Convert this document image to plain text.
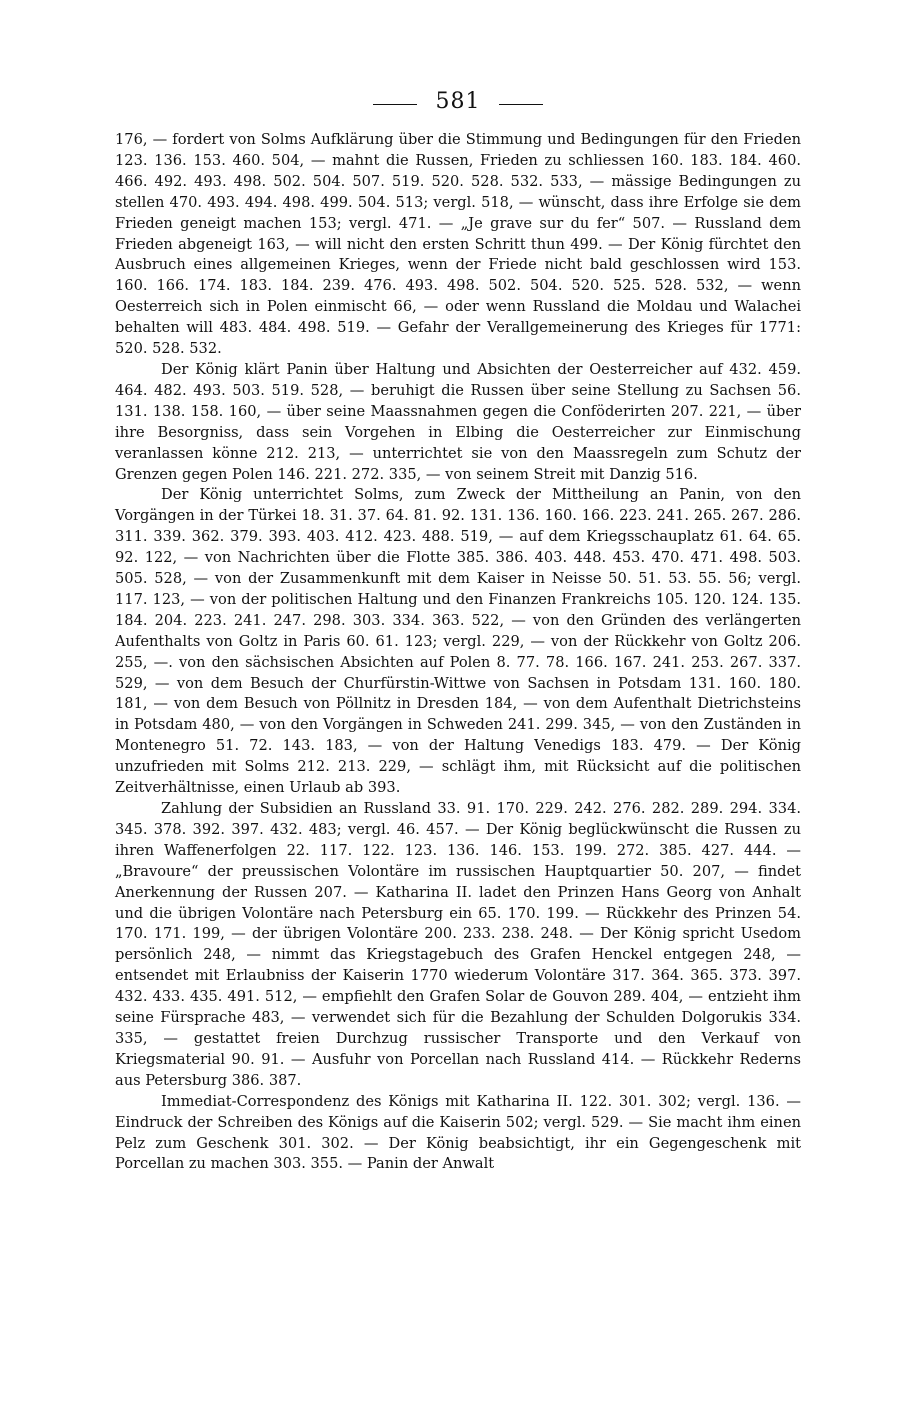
581

176, — fordert von Solms Aufklärung über die Stimmung und Bedingungen für den Frieden 123. 136. 153. 460. 504, — mahnt die Russen, Frieden zu schliessen 160. 183. 184. 460. 466. 492. 493. 498. 502. 504. 507. 519. 520. 528. 532. 533, — mässige Bedingungen zu stellen 470. 493. 494. 498. 499. 504. 513; vergl. 518, — wünscht, dass ihre Erfolge sie dem Frieden geneigt machen 153; vergl. 471. — „Je grave sur du fer“ 507. — Russland dem Frieden abgeneigt 163, — will nicht den ersten Schritt thun 499. — Der König fürchtet den Ausbruch eines allgemeinen Krieges, wenn der Friede nicht bald geschlossen wird 153. 160. 166. 174. 183. 184. 239. 476. 493. 498. 502. 504. 520. 525. 528. 532, — wenn Oesterreich sich in Polen einmischt 66, — oder wenn Russland die Moldau und Walachei behalten will 483. 484. 498. 519. — Gefahr der Verallgemeinerung des Krieges für 1771: 520. 528. 532.

Der König klärt Panin über Haltung und Absichten der Oesterreicher auf 432. 459. 464. 482. 493. 503. 519. 528, — beruhigt die Russen über seine Stellung zu Sachsen 56. 131. 138. 158. 160, — über seine Maassnahmen gegen die Conföderirten 207. 221, — über ihre Besorgniss, dass sein Vorgehen in Elbing die Oesterreicher zur Einmischung veranlassen könne 212. 213, — unterrichtet sie von den Maassregeln zum Schutz der Grenzen gegen Polen 146. 221. 272. 335, — von seinem Streit mit Danzig 516.

Der König unterrichtet Solms, zum Zweck der Mittheilung an Panin, von den Vorgängen in der Türkei 18. 31. 37. 64. 81. 92. 131. 136. 160. 166. 223. 241. 265. 267. 286. 311. 339. 362. 379. 393. 403. 412. 423. 488. 519, — auf dem Kriegsschauplatz 61. 64. 65. 92. 122, — von Nachrichten über die Flotte 385. 386. 403. 448. 453. 470. 471. 498. 503. 505. 528, — von der Zusammenkunft mit dem Kaiser in Neisse 50. 51. 53. 55. 56; vergl. 117. 123, — von der politischen Haltung und den Finanzen Frankreichs 105. 120. 124. 135. 184. 204. 223. 241. 247. 298. 303. 334. 363. 522, — von den Gründen des verlängerten Aufenthalts von Goltz in Paris 60. 61. 123; vergl. 229, — von der Rückkehr von Goltz 206. 255, —. von den sächsischen Absichten auf Polen 8. 77. 78. 166. 167. 241. 253. 267. 337. 529, — von dem Besuch der Churfürstin-Wittwe von Sachsen in Potsdam 131. 160. 180. 181, — von dem Besuch von Pöllnitz in Dresden 184, — von dem Aufenthalt Dietrichsteins in Potsdam 480, — von den Vorgängen in Schweden 241. 299. 345, — von den Zuständen in Montenegro 51. 72. 143. 183, — von der Haltung Venedigs 183. 479. — Der König unzufrieden mit Solms 212. 213. 229, — schlägt ihm, mit Rücksicht auf die politischen Zeitverhältnisse, einen Urlaub ab 393.

Zahlung der Subsidien an Russland 33. 91. 170. 229. 242. 276. 282. 289. 294. 334. 345. 378. 392. 397. 432. 483; vergl. 46. 457. — Der König beglückwünscht die Russen zu ihren Waffenerfolgen 22. 117. 122. 123. 136. 146. 153. 199. 272. 385. 427. 444. — „Bravoure“ der preussischen Volontäre im russischen Hauptquartier 50. 207, — findet Anerkennung der Russen 207. — Katharina II. ladet den Prinzen Hans Georg von Anhalt und die übrigen Volontäre nach Petersburg ein 65. 170. 199. — Rückkehr des Prinzen 54. 170. 171. 199, — der übrigen Volontäre 200. 233. 238. 248. — Der König spricht Usedom persönlich 248, — nimmt das Kriegstagebuch des Grafen Henckel entgegen 248, — entsendet mit Erlaubniss der Kaiserin 1770 wiederum Volontäre 317. 364. 365. 373. 397. 432. 433. 435. 491. 512, — empfiehlt den Grafen Solar de Gouvon 289. 404, — entzieht ihm seine Fürsprache 483, — verwendet sich für die Bezahlung der Schulden Dolgorukis 334. 335, — gestattet freien Durchzug russischer Transporte und den Verkauf von Kriegsmaterial 90. 91. — Ausfuhr von Porcellan nach Russland 414. — Rückkehr Rederns aus Petersburg 386. 387.

Immediat-Correspondenz des Königs mit Katharina II. 122. 301. 302; vergl. 136. — Eindruck der Schreiben des Königs auf die Kaiserin 502; vergl. 529. — Sie macht ihm einen Pelz zum Geschenk 301. 302. — Der König beabsichtigt, ihr ein Gegengeschenk mit Porcellan zu machen 303. 355. — Panin der Anwalt
